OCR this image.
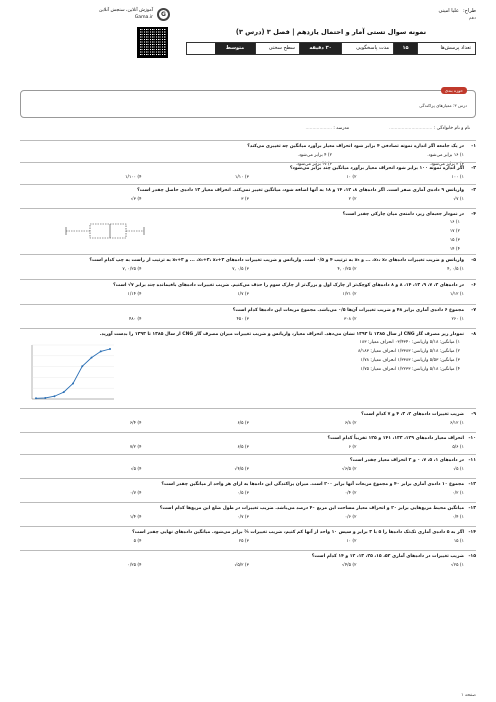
طراح:
علیا امینی
دهم
نمونه سوال تستی آمار و احتمال یازدهم | فصل ۳ (درس ۳)
تعداد پرسش‌ها
۱۵
مدت پاسخگویی
۳۰ دقیقه
سطح سختی
متوسط
G
آموزش آنلاین، سنجش آنلاین
Gama.ir
حوزه بندی
درس ۳: معیارهای پراکندگی
نام و نام خانوادگی : ...............................
مدرسه : ...................
۱-
در یک جامعه اگر اندازه نمونه تصادفی ۴ برابر شود انحراف معیار برآورد میانگین چه تغییری می‌کند؟
۱) ۱۶ برابر می‌شود.
۲) ۴ برابر می‌شود.
۳) ۲ برابر می‌شود.
۴) ½ برابر می‌شود.
۲-
اگر اندازه نمونه ۱۰۰ برابر شود انحراف معیار برآورد میانگین چند برابر می‌شود؟
۱) ۱۰۰
۲) ۱۰
۳) ۱/۱۰
۴) ۱/۱۰۰
۳-
واریانس ۹ داده‌ی آماری صفر است. اگر داده‌های ۸، ۱۲، ۱۴ و ۱۸ به آنها اضافه شود، میانگین تغییر نمی‌کند. انحراف معیار ۱۳ داده‌ی حاصل چقدر است؟
۱) ۷√
۲) ۲
۳) ۳
۴) ۳√
۴-
در نمودار جعبه‌ای زیر، دامنه‌ی میان چارکی چقدر است؟
۱) ۱۶
۲) ۱۷
۳) ۱۵
۴) ۱۴
۵-
واریانس و ضریب تغییرات داده‌های x₁، x₂، ... و x₅ به ترتیب ۴ و ۰/۵ است. واریانس و ضریب تغییرات داده‌های x₁+۳، x₂+۳، ... و x₅+۳ به ترتیب از راست به چپ کدام است؟
۱) ۰/۵ ,۴
۲) ۰/۲۵ ,۴
۳) ۰/۵ ,۷
۴) ۰/۲۵ ,۷
۶-
در داده‌های ۲، ۷، ۹، ۱۳، ۱۴، ۸ و ۸ داده‌های کوچک‌تر از چارک اول و بزرگ‌تر از چارک سوم را حذف می‌کنیم. ضریب تغییرات داده‌های باقیمانده چند برابر ۷√ است؟
۱) ۱/۱۲
۲) ۱/۲۱
۳) ۱/۷
۴) ۱/۱۴
۷-
مجموع ۶ داده‌ی آماری برابر ۴۸ و ضریب تغییرات آن‌ها ۰/۵ می‌باشد. مجموع مربعات این داده‌ها کدام است؟
۱) ۲۶۰
۲) ۳۰۸
۳) ۴۵۰
۴) ۴۸۰
۸-
نمودار زیر مصرف گاز CNG از سال ۱۳۸۵ تا ۱۳۹۳ نشان می‌دهد. انحراف معیار، واریانس و ضریب تغییرات میزان مصرف گاز CNG از سال ۱۳۸۵ تا ۱۳۹۳ را بدست آورید.
۱) میانگین: ۵/۱۸ واریانس: ۰۳/۴۳۴۰ انحراف معیار: ۱۸۳
۲) میانگین: ۵/۱۸ واریانس: ۱/۳۳۸۳ انحراف معیار: ۸/۱۸۳
۳) میانگین: ۵/۵۳ واریانس: ۱/۳۳۸۳ انحراف معیار: ۱/۷۸
۴) میانگین: ۵/۱۸ واریانس: ۱/۲۲۳۳ انحراف معیار: ۱/۷۵
۹-
ضریب تغییرات داده‌های ۲، ۳، ۴ و ۷ کدام است؟
۱) ۶/۱۲
۲) ۶/۸
۳) ۶/۵
۴) ۶/۴
۱۰-
انحراف معیار داده‌های ۱۲۹، ۱۳۳، ۱۴۱ و ۱۲۵ تقریباً کدام است؟
۱) ۵/۶
۲) ۶
۳) ۶/۵
۴) ۷/۲
۱۱-
در داده‌های ۱، ۵، ۷، ۰ و ۲ انحراف معیار چقدر است؟
۱) ۵√
۲) ۶/۵√
۳) ۴/۵√
۴) ۵√
۱۲-
مجموع ۱۰ داده‌ی آماری برابر ۴۰ و مجموع مربعات آنها برابر ۲۰۰ است. میزان پراکندگی این داده‌ها به ازای هر واحد از میانگین چقدر است؟
۱) ۰/۲
۲) ۰/۴
۳) ۰/۵
۴) ۰/۷
۱۳-
میانگین محیط مربع‌هایی برابر ۲۰ و انحراف معیار مساحت این مربع ۴۰ درصد می‌باشد. ضریب تغییرات در طول ضلع این مربع‌ها کدام است؟
۱) ۰/۴
۲) ۰/۶
۳) ۰/۷
۴) ۱/۴
۱۴-
اگر به ۵ داده‌ی آماری تک‌تک داده‌ها را ۵ با ۳ برابر و سپس ۱۰ واحد از آنها کم کنیم، ضریب تغییرات ⅖ برابر می‌شود. میانگین داده‌های نهایی چقدر است؟
۱) ۱۵
۲) ۱۰
۳) ۲۵
۴) ۵
۱۵-
ضریب تغییرات در داده‌های آماری ۵۲، ۱۵، ۲۵، ۱۳، ۱۲ و ۱۴ کدام است؟
۱) ۲۵√
۲) ۴/۵√
۳) ۵/۲√
۴) ۰/۲۵
صفحه ۱
